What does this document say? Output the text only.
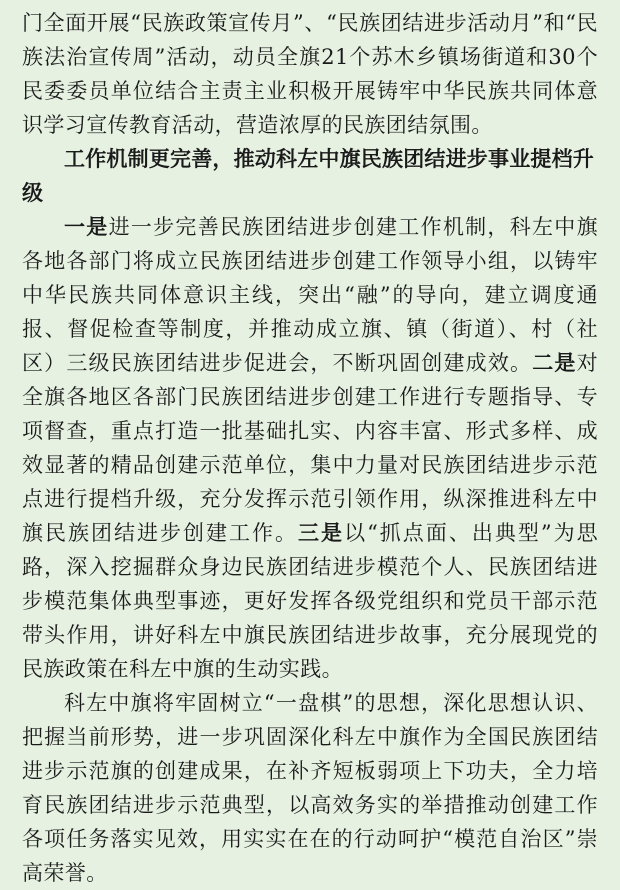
门全面开展“民族政策宣传月”、“民族团结进步活动月”和“民族法治宣传周”活动，动员全旗21个苏木乡镇场街道和30个民委委员单位结合主责主业积极开展铸牢中华民族共同体意识学习宣传教育活动，营造浓厚的民族团结氛围。

工作机制更完善，推动科左中旗民族团结进步事业提档升级

一是进一步完善民族团结进步创建工作机制，科左中旗各地各部门将成立民族团结进步创建工作领导小组，以铸牢中华民族共同体意识主线，突出“融”的导向，建立调度通报、督促检查等制度，并推动成立旗、镇（街道）、村（社区）三级民族团结进步促进会，不断巩固创建成效。二是对全旗各地区各部门民族团结进步创建工作进行专题指导、专项督查，重点打造一批基础扎实、内容丰富、形式多样、成效显著的精品创建示范单位，集中力量对民族团结进步示范点进行提档升级，充分发挥示范引领作用，纵深推进科左中旗民族团结进步创建工作。三是以“抓点面、出典型”为思路，深入挖掘群众身边民族团结进步模范个人、民族团结进步模范集体典型事迹，更好发挥各级党组织和党员干部示范带头作用，讲好科左中旗民族团结进步故事，充分展现党的民族政策在科左中旗的生动实践。

科左中旗将牢固树立“一盘棋”的思想，深化思想认识、把握当前形势，进一步巩固深化科左中旗作为全国民族团结进步示范旗的创建成果，在补齐短板弱项上下功夫，全力培育民族团结进步示范典型，以高效务实的举措推动创建工作各项任务落实见效，用实实在在的行动呵护“模范自治区”崇高荣誉。
